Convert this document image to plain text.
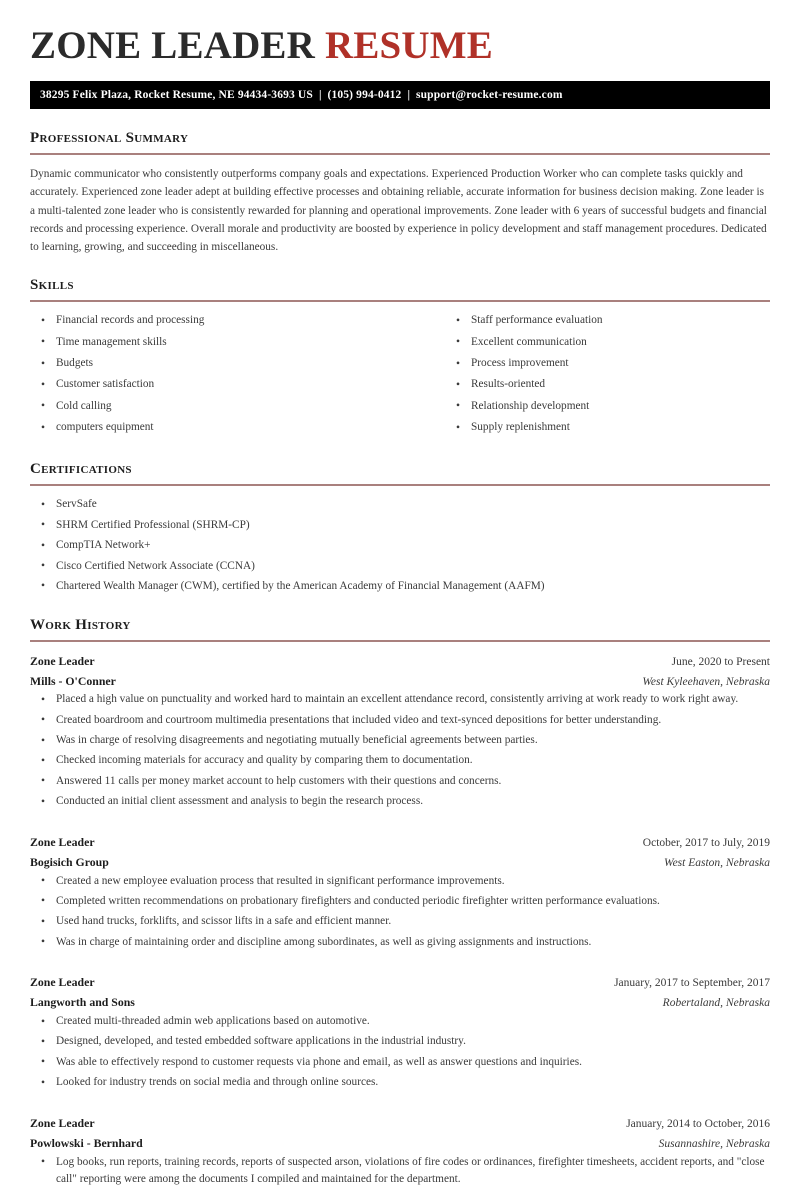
ZONE LEADER RESUME
38295 Felix Plaza, Rocket Resume, NE 94434-3693 US | (105) 994-0412 | support@rocket-resume.com
Professional Summary

Dynamic communicator who consistently outperforms company goals and expectations. Experienced Production Worker who can complete tasks quickly and accurately. Experienced zone leader adept at building effective processes and obtaining reliable, accurate information for business decision making. Zone leader is a multi-talented zone leader who is consistently rewarded for planning and operational improvements. Zone leader with 6 years of successful budgets and financial records and processing experience. Overall morale and productivity are boosted by experience in policy development and staff management procedures. Dedicated to learning, growing, and succeeding in miscellaneous.

Skills
• Financial records and processing
• Time management skills
• Budgets
• Customer satisfaction
• Cold calling
• computers equipment
• Staff performance evaluation
• Excellent communication
• Process improvement
• Results-oriented
• Relationship development
• Supply replenishment
Certifications
• ServSafe
• SHRM Certified Professional (SHRM-CP)
• CompTIA Network+
• Cisco Certified Network Associate (CCNA)
• Chartered Wealth Manager (CWM), certified by the American Academy of Financial Management (AAFM)
Work History
Zone Leader	June, 2020 to Present
Mills - O'Conner	West Kyleehaven, Nebraska
• Placed a high value on punctuality and worked hard to maintain an excellent attendance record, consistently arriving at work ready to work right away.
• Created boardroom and courtroom multimedia presentations that included video and text-synced depositions for better understanding.
• Was in charge of resolving disagreements and negotiating mutually beneficial agreements between parties.
• Checked incoming materials for accuracy and quality by comparing them to documentation.
• Answered 11 calls per money market account to help customers with their questions and concerns.
• Conducted an initial client assessment and analysis to begin the research process.
Zone Leader	October, 2017 to July, 2019
Bogisich Group	West Easton, Nebraska
• Created a new employee evaluation process that resulted in significant performance improvements.
• Completed written recommendations on probationary firefighters and conducted periodic firefighter written performance evaluations.
• Used hand trucks, forklifts, and scissor lifts in a safe and efficient manner.
• Was in charge of maintaining order and discipline among subordinates, as well as giving assignments and instructions.
Zone Leader	January, 2017 to September, 2017
Langworth and Sons	Robertaland, Nebraska
• Created multi-threaded admin web applications based on automotive.
• Designed, developed, and tested embedded software applications in the industrial industry.
• Was able to effectively respond to customer requests via phone and email, as well as answer questions and inquiries.
• Looked for industry trends on social media and through online sources.
Zone Leader	January, 2014 to October, 2016
Powlowski - Bernhard	Susannashire, Nebraska
• Log books, run reports, training records, reports of suspected arson, violations of fire codes or ordinances, firefighter timesheets, accident reports, and "close call" reporting were among the documents I compiled and maintained for the department.
